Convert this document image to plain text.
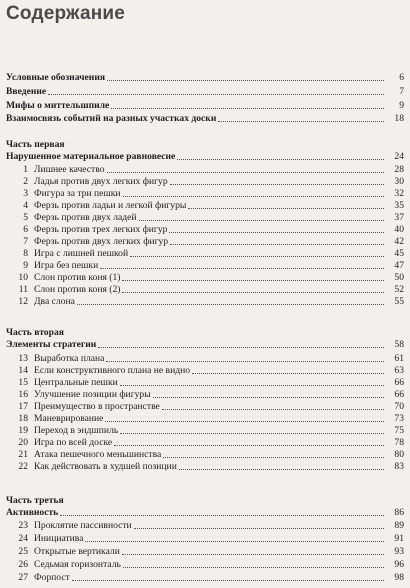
Содержание
Условные обозначения	6
Введение	7
Мифы о миттельшпиле	9
Взаимосвязь событий на разных участках доски	18
Часть первая
Нарушенное материальное равновесие	24
1 Лишнее качество	28
2 Ладья против двух легких фигур	30
3 Фигура за три пешки	32
4 Ферзь против ладьи и легкой фигуры	35
5 Ферзь против двух ладей	37
6 Ферзь против трех легких фигур	40
7 Ферзь против двух легких фигур	42
8 Игра с лишней пешкой	45
9 Игра без пешки	47
10 Слон против коня (1)	50
11 Слон против коня (2)	52
12 Два слона	55
Часть вторая
Элементы стратегии	58
13 Выработка плана	61
14 Если конструктивного плана не видно	63
15 Центральные пешки	66
16 Улучшение позиции фигуры	66
17 Преимущество в пространстве	70
18 Маневрирование	73
19 Переход в эндшпиль	75
20 Игра по всей доске	78
21 Атака пешечного меньшинства	80
22 Как действовать в худшей позиции	83
Часть третья
Активность	86
23 Проклятие пассивности	89
24 Инициатива	91
25 Открытые вертикали	93
26 Седьмая горизонталь	96
27 Форпост	98
